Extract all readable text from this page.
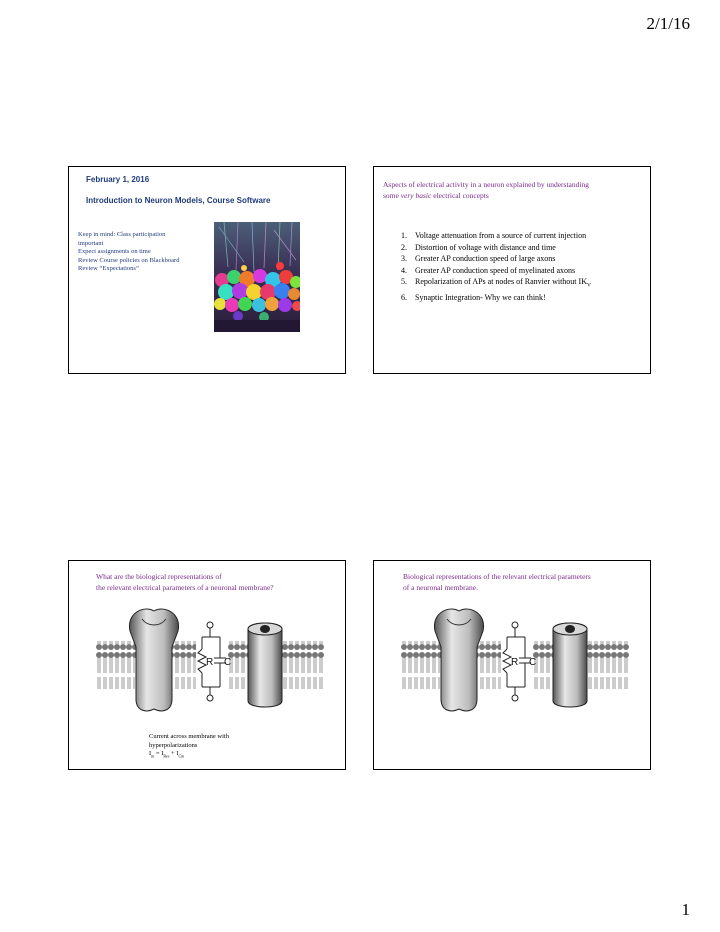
2/1/16
1
February 1, 2016
Introduction to Neuron Models, Course Software
Keep in mind: Class participation
important
Expect assignments on time
Review Course policies on Blackboard
Review “Expectations”
Aspects of electrical activity in a neuron explained by understanding
some very basic electrical concepts
1. Voltage attenuation from a source of current injection
2. Distortion of voltage with distance and time
3. Greater AP conduction speed of large axons
4. Greater AP conduction speed of myelinated axons
5. Repolarization of APs at nodes of Ranvier without $IK_V$
6. Synaptic Integration- Why we can think!
What are the biological representations of
the relevant electrical parameters of a neuronal membrane?
R C
Current across membrane with
hyperpolarizations
$I_m = I_{Res} + I_{Cm}$
Biological representations of the relevant electrical parameters
of a neuronal membrane.
R C
